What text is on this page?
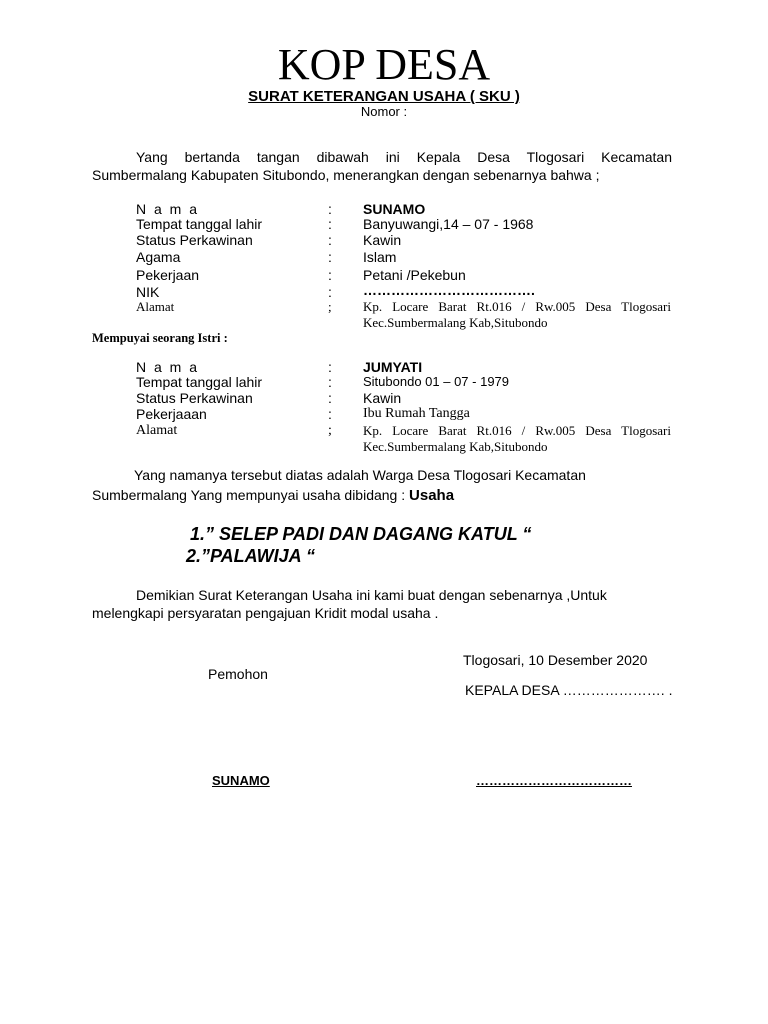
KOP DESA
SURAT KETERANGAN USAHA ( SKU )
Nomor :
Yang bertanda tangan dibawah ini Kepala Desa Tlogosari Kecamatan
Sumbermalang Kabupaten Situbondo, menerangkan dengan sebenarnya bahwa ;
N a m a	:	SUNAMO
Tempat tanggal lahir	:	Banyuwangi,14 – 07 - 1968
Status Perkawinan	:	Kawin
Agama	:	Islam
Pekerjaan	:	Petani /Pekebun
NIK	:	……………………………….
Alamat	;	Kp. Locare Barat Rt.016 / Rw.005 Desa Tlogosari
Kec.Sumbermalang Kab,Situbondo
Mempuyai seorang Istri :
N a m a	:	JUMYATI
Tempat tanggal lahir	:	Situbondo 01 – 07 - 1979
Status Perkawinan	:	Kawin
Pekerjaaan	:	Ibu Rumah Tangga
Alamat	;	Kp. Locare Barat Rt.016 / Rw.005 Desa Tlogosari
Kec.Sumbermalang Kab,Situbondo
Yang namanya tersebut diatas adalah Warga Desa Tlogosari Kecamatan
Sumbermalang Yang mempunyai usaha dibidang : Usaha
1.” SELEP PADI DAN DAGANG KATUL “
2.”PALAWIJA “
Demikian Surat Keterangan Usaha ini kami buat dengan sebenarnya ,Untuk
melengkapi persyaratan pengajuan Kridit modal usaha .
Tlogosari, 10 Desember 2020
Pemohon
KEPALA DESA …………………. .
SUNAMO	………………………………
